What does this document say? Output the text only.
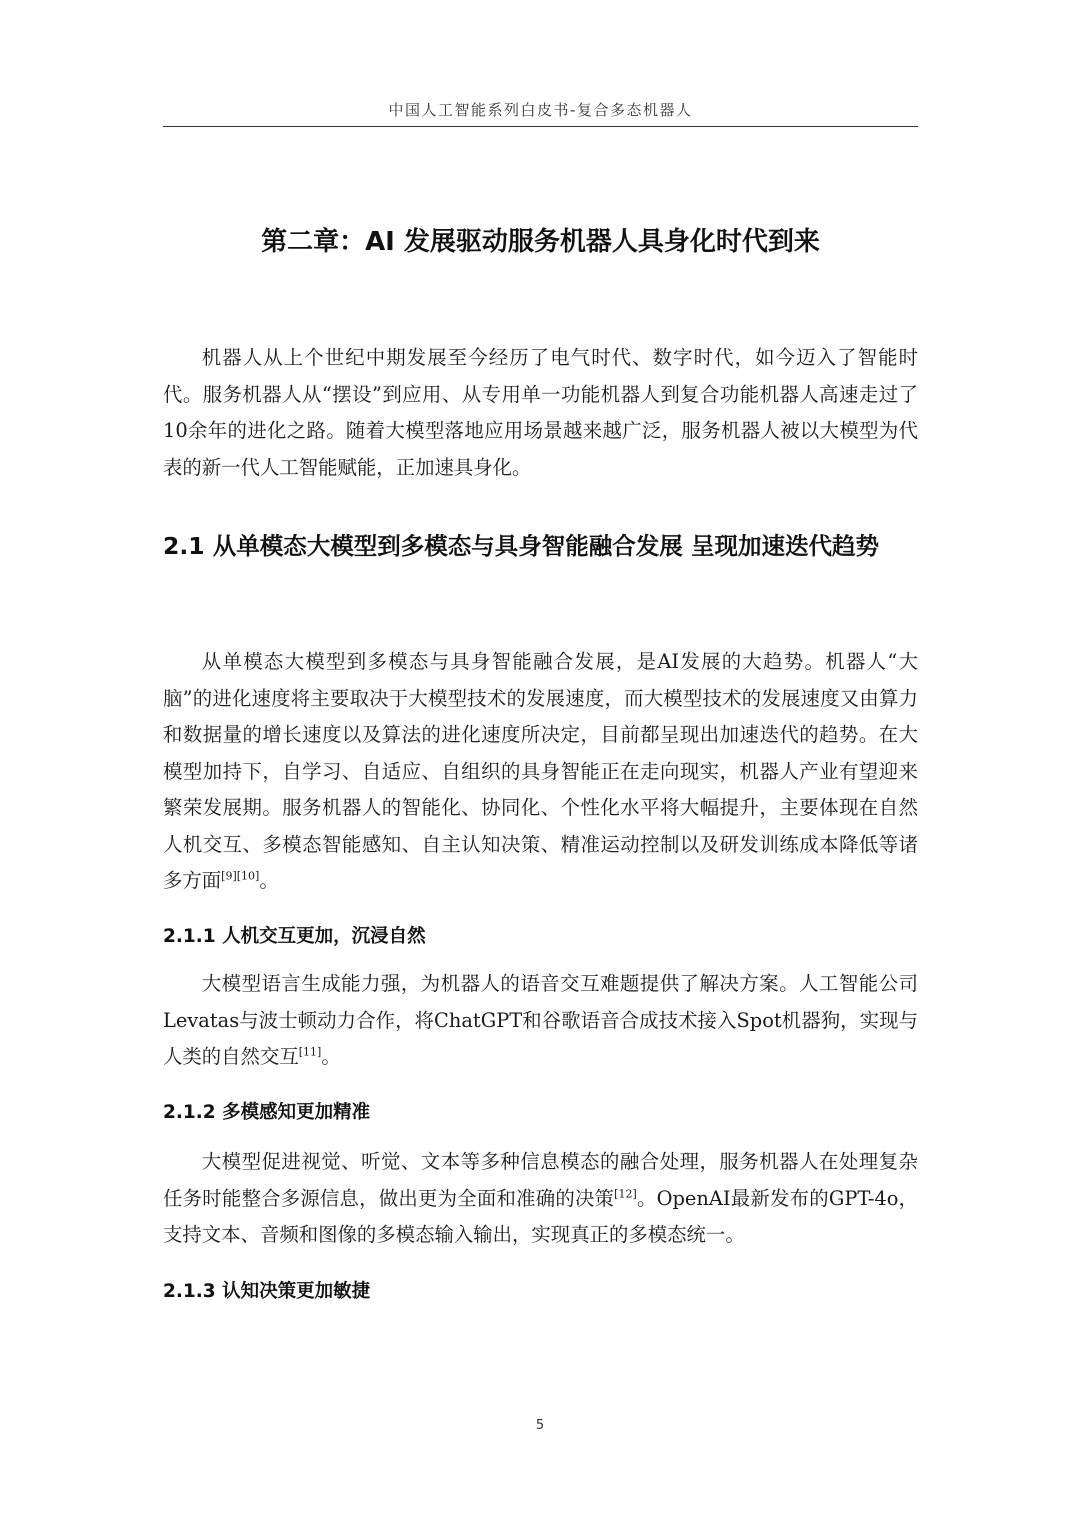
中国人工智能系列白皮书-复合多态机器人
第二章：AI 发展驱动服务机器人具身化时代到来

机器人从上个世纪中期发展至今经历了电气时代、数字时代，如今迈入了智能时代。服务机器人从“摆设”到应用、从专用单一功能机器人到复合功能机器人高速走过了10余年的进化之路。随着大模型落地应用场景越来越广泛，服务机器人被以大模型为代表的新一代人工智能赋能，正加速具身化。

2.1 从单模态大模型到多模态与具身智能融合发展 呈现加速迭代趋势

从单模态大模型到多模态与具身智能融合发展，是AI发展的大趋势。机器人“大脑”的进化速度将主要取决于大模型技术的发展速度，而大模型技术的发展速度又由算力和数据量的增长速度以及算法的进化速度所决定，目前都呈现出加速迭代的趋势。在大模型加持下，自学习、自适应、自组织的具身智能正在走向现实，机器人产业有望迎来繁荣发展期。服务机器人的智能化、协同化、个性化水平将大幅提升，主要体现在自然人机交互、多模态智能感知、自主认知决策、精准运动控制以及研发训练成本降低等诸多方面[9][10]。

2.1.1 人机交互更加，沉浸自然

大模型语言生成能力强，为机器人的语音交互难题提供了解决方案。人工智能公司Levatas与波士顿动力合作，将ChatGPT和谷歌语音合成技术接入Spot机器狗，实现与人类的自然交互[11]。

2.1.2 多模感知更加精准

大模型促进视觉、听觉、文本等多种信息模态的融合处理，服务机器人在处理复杂任务时能整合多源信息，做出更为全面和准确的决策[12]。OpenAI最新发布的GPT-4o，支持文本、音频和图像的多模态输入输出，实现真正的多模态统一。

2.1.3 认知决策更加敏捷
5
